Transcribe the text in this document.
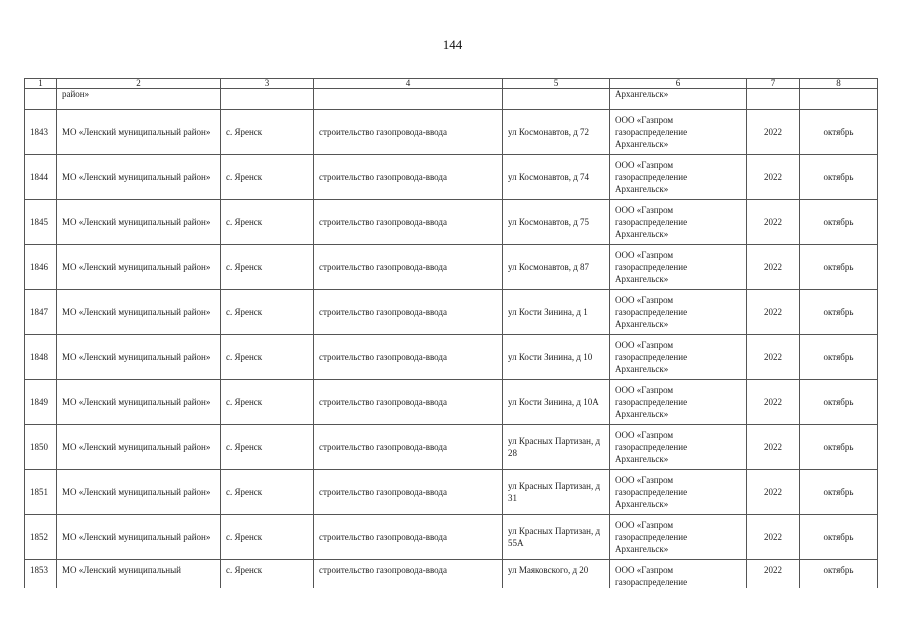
144
1	2	3	4	5	6	7	8
	район»				Архангельск»		
1843	МО «Ленский муниципальный район»	с. Яренск	строительство газопровода-ввода	ул Космонавтов, д 72	ООО «Газпром газораспределение Архангельск»	2022	октябрь
1844	МО «Ленский муниципальный район»	с. Яренск	строительство газопровода-ввода	ул Космонавтов, д 74	ООО «Газпром газораспределение Архангельск»	2022	октябрь
1845	МО «Ленский муниципальный район»	с. Яренск	строительство газопровода-ввода	ул Космонавтов, д 75	ООО «Газпром газораспределение Архангельск»	2022	октябрь
1846	МО «Ленский муниципальный район»	с. Яренск	строительство газопровода-ввода	ул Космонавтов, д 87	ООО «Газпром газораспределение Архангельск»	2022	октябрь
1847	МО «Ленский муниципальный район»	с. Яренск	строительство газопровода-ввода	ул Кости Зинина, д 1	ООО «Газпром газораспределение Архангельск»	2022	октябрь
1848	МО «Ленский муниципальный район»	с. Яренск	строительство газопровода-ввода	ул Кости Зинина, д 10	ООО «Газпром газораспределение Архангельск»	2022	октябрь
1849	МО «Ленский муниципальный район»	с. Яренск	строительство газопровода-ввода	ул Кости Зинина, д 10А	ООО «Газпром газораспределение Архангельск»	2022	октябрь
1850	МО «Ленский муниципальный район»	с. Яренск	строительство газопровода-ввода	ул Красных Партизан, д 28	ООО «Газпром газораспределение Архангельск»	2022	октябрь
1851	МО «Ленский муниципальный район»	с. Яренск	строительство газопровода-ввода	ул Красных Партизан, д 31	ООО «Газпром газораспределение Архангельск»	2022	октябрь
1852	МО «Ленский муниципальный район»	с. Яренск	строительство газопровода-ввода	ул Красных Партизан, д 55А	ООО «Газпром газораспределение Архангельск»	2022	октябрь
1853	МО «Ленский муниципальный	с. Яренск	строительство газопровода-ввода	ул Маяковского, д 20	ООО «Газпром газораспределение	2022	октябрь
